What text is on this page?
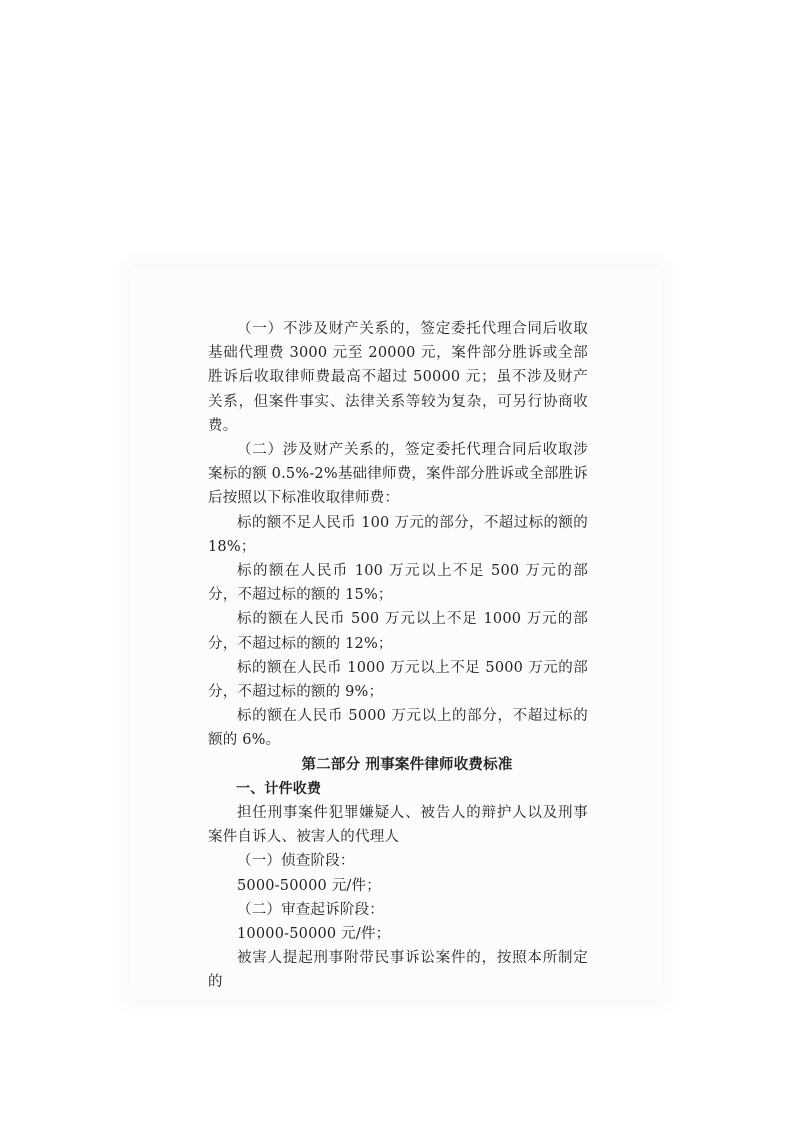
（一）不涉及财产关系的，签定委托代理合同后收取基础代理费 3000 元至 20000 元，案件部分胜诉或全部胜诉后收取律师费最高不超过 50000 元；虽不涉及财产关系，但案件事实、法律关系等较为复杂，可另行协商收费。

（二）涉及财产关系的，签定委托代理合同后收取涉案标的额 0.5%-2%基础律师费，案件部分胜诉或全部胜诉后按照以下标准收取律师费：

标的额不足人民币 100 万元的部分，不超过标的额的 18%；

标的额在人民币 100 万元以上不足 500 万元的部分，不超过标的额的 15%；

标的额在人民币 500 万元以上不足 1000 万元的部分，不超过标的额的 12%；

标的额在人民币 1000 万元以上不足 5000 万元的部分，不超过标的额的 9%；

标的额在人民币 5000 万元以上的部分，不超过标的额的 6%。

第二部分 刑事案件律师收费标准

一、计件收费

担任刑事案件犯罪嫌疑人、被告人的辩护人以及刑事案件自诉人、被害人的代理人

（一）侦查阶段：

5000-50000 元/件；

（二）审查起诉阶段：

10000-50000 元/件；

被害人提起刑事附带民事诉讼案件的，按照本所制定的
